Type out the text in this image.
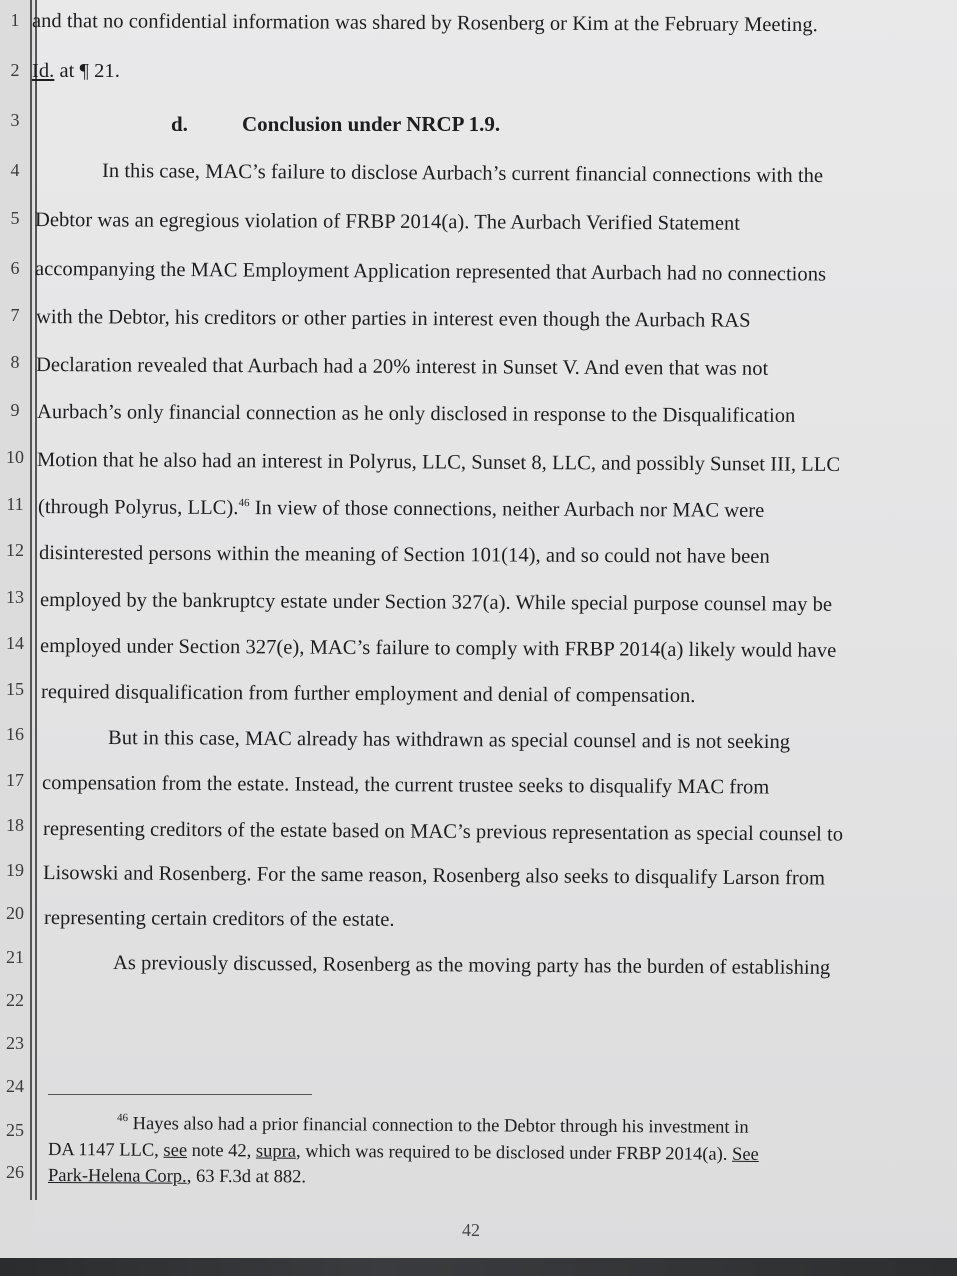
1
2
3
4
5
6
7
8
9
10
11
12
13
14
15
16
17
18
19
20
21
22
23
24
25
26
and that no confidential information was shared by Rosenberg or Kim at the February Meeting.
Id. at ¶ 21.
d.	Conclusion under NRCP 1.9.
In this case, MAC’s failure to disclose Aurbach’s current financial connections with the
Debtor was an egregious violation of FRBP 2014(a). The Aurbach Verified Statement
accompanying the MAC Employment Application represented that Aurbach had no connections
with the Debtor, his creditors or other parties in interest even though the Aurbach RAS
Declaration revealed that Aurbach had a 20% interest in Sunset V. And even that was not
Aurbach’s only financial connection as he only disclosed in response to the Disqualification
Motion that he also had an interest in Polyrus, LLC, Sunset 8, LLC, and possibly Sunset III, LLC
(through Polyrus, LLC).$^{46}$ In view of those connections, neither Aurbach nor MAC were
disinterested persons within the meaning of Section 101(14), and so could not have been
employed by the bankruptcy estate under Section 327(a). While special purpose counsel may be
employed under Section 327(e), MAC’s failure to comply with FRBP 2014(a) likely would have
required disqualification from further employment and denial of compensation.
But in this case, MAC already has withdrawn as special counsel and is not seeking
compensation from the estate. Instead, the current trustee seeks to disqualify MAC from
representing creditors of the estate based on MAC’s previous representation as special counsel to
Lisowski and Rosenberg. For the same reason, Rosenberg also seeks to disqualify Larson from
representing certain creditors of the estate.
As previously discussed, Rosenberg as the moving party has the burden of establishing
$^{46}$ Hayes also had a prior financial connection to the Debtor through his investment in
DA 1147 LLC, see note 42, supra, which was required to be disclosed under FRBP 2014(a). See
Park-Helena Corp., 63 F.3d at 882.
42
